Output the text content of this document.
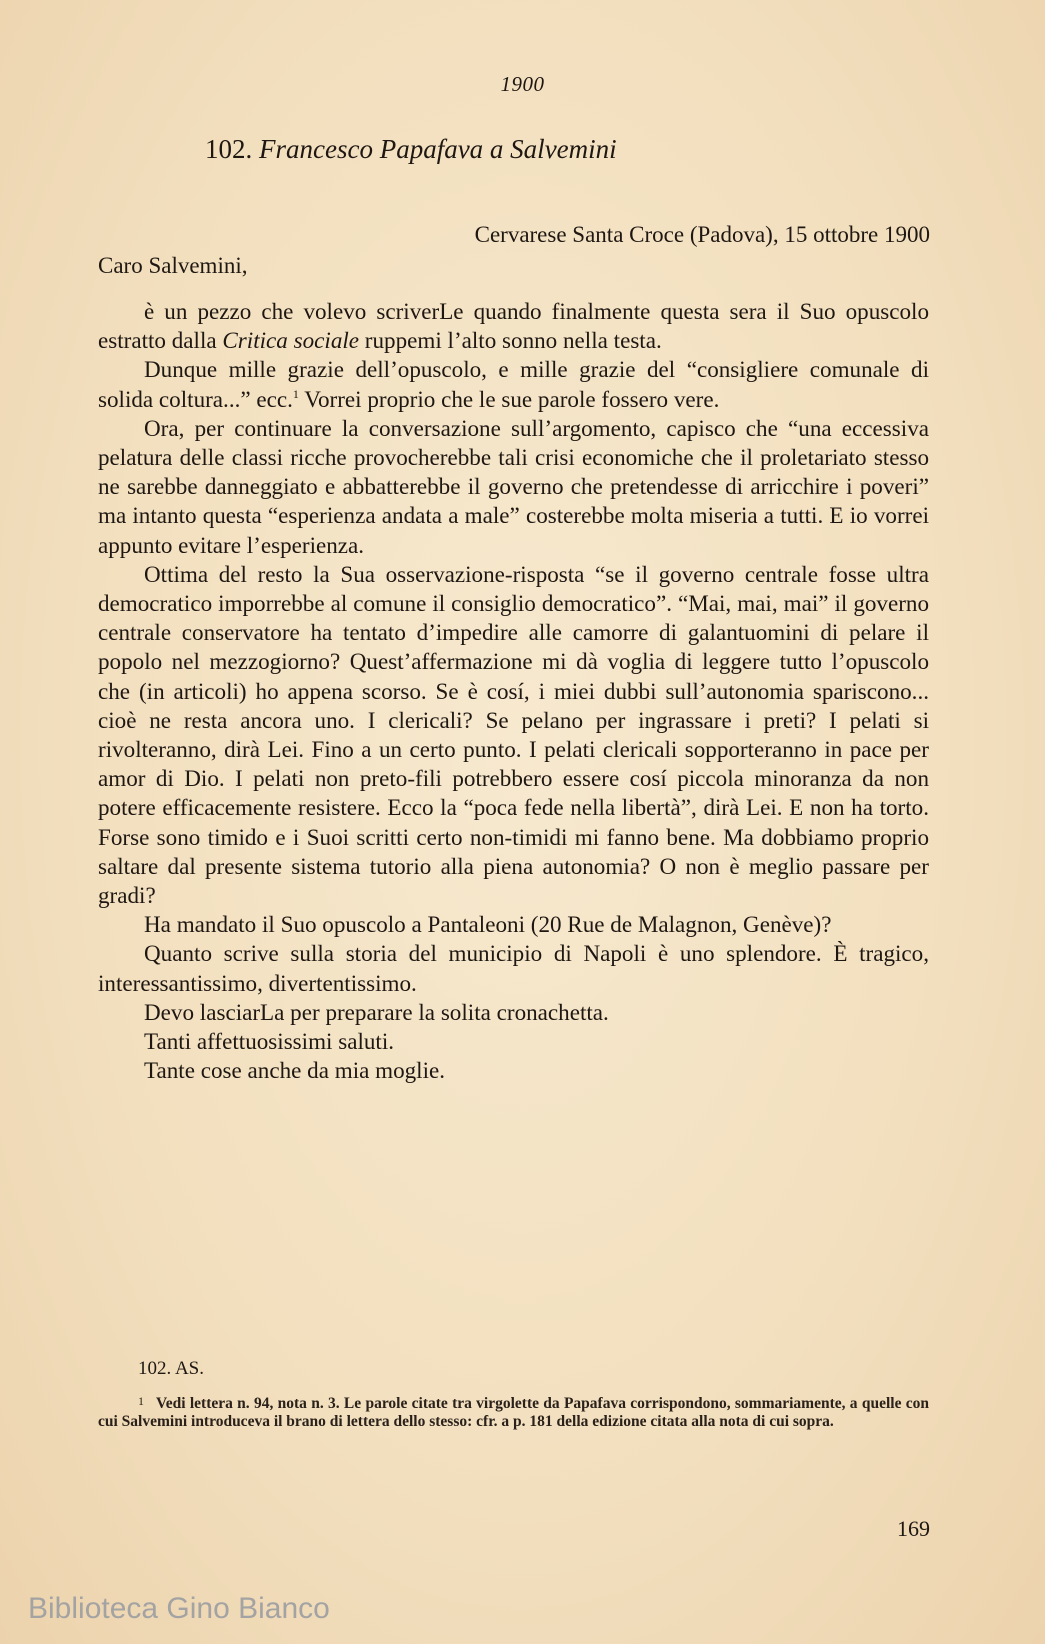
1900
102. Francesco Papafava a Salvemini
Cervarese Santa Croce (Padova), 15 ottobre 1900
Caro Salvemini,

è un pezzo che volevo scriverLe quando finalmente questa sera il Suo opuscolo estratto dalla Critica sociale ruppemi l’alto sonno nella testa.

Dunque mille grazie dell’opuscolo, e mille grazie del “consigliere comunale di solida coltura...” ecc.$^1$ Vorrei proprio che le sue parole fossero vere.

Ora, per continuare la conversazione sull’argomento, capisco che “una eccessiva pelatura delle classi ricche provocherebbe tali crisi economiche che il proletariato stesso ne sarebbe danneggiato e abbatterebbe il governo che pretendesse di arricchire i poveri” ma intanto questa “esperienza andata a male” costerebbe molta miseria a tutti. E io vorrei appunto evitare l’esperienza.

Ottima del resto la Sua osservazione-risposta “se il governo centrale fosse ultra democratico imporrebbe al comune il consiglio democratico”. “Mai, mai, mai” il governo centrale conservatore ha tentato d’impedire alle camorre di galantuomini di pelare il popolo nel mezzogiorno? Quest’affermazione mi dà voglia di leggere tutto l’opuscolo che (in articoli) ho appena scorso. Se è cosí, i miei dubbi sull’autonomia spariscono... cioè ne resta ancora uno. I clericali? Se pelano per ingrassare i preti? I pelati si rivolteranno, dirà Lei. Fino a un certo punto. I pelati clericali sopporteranno in pace per amor di Dio. I pelati non preto-fili potrebbero essere cosí piccola minoranza da non potere efficacemente resistere. Ecco la “poca fede nella libertà”, dirà Lei. E non ha torto. Forse sono timido e i Suoi scritti certo non-timidi mi fanno bene. Ma dobbiamo proprio saltare dal presente sistema tutorio alla piena autonomia? O non è meglio passare per gradi?

Ha mandato il Suo opuscolo a Pantaleoni (20 Rue de Malagnon, Genève)?

Quanto scrive sulla storia del municipio di Napoli è uno splendore. È tragico, interessantissimo, divertentissimo.

Devo lasciarLa per preparare la solita cronachetta.

Tanti affettuosissimi saluti.

Tante cose anche da mia moglie.

102. AS.

1 Vedi lettera n. 94, nota n. 3. Le parole citate tra virgolette da Papafava corrispondono, sommariamente, a quelle con cui Salvemini introduceva il brano di lettera dello stesso: cfr. a p. 181 della edizione citata alla nota di cui sopra.

169
Biblioteca Gino Bianco
